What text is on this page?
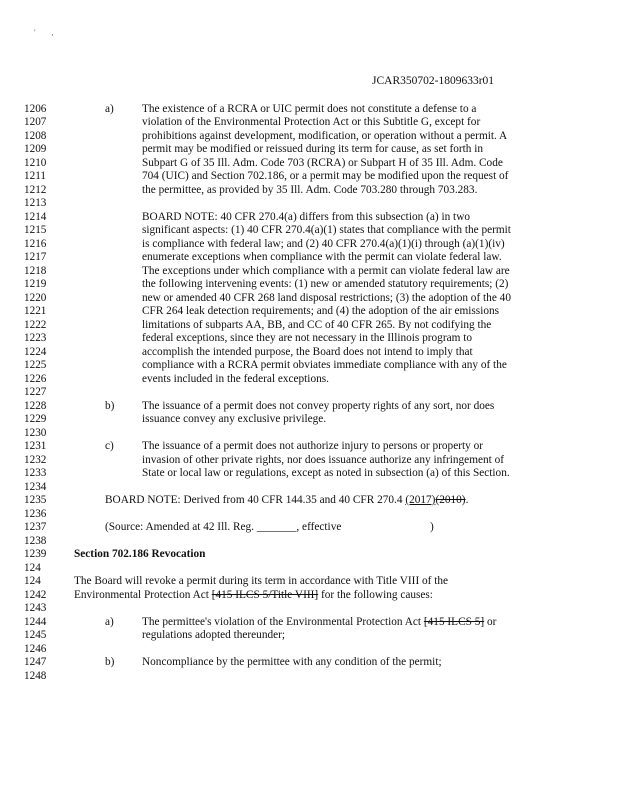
'        ,
JCAR350702-1809633r01
1206
1207
1208
1209
1210
1211
1212
1213
1214
1215
1216
1217
1218
1219
1220
1221
1222
1223
1224
1225
1226
1227
1228
1229
1230
1231
1232
1233
1234
1235
1236
1237
1238
1239
124
124
1242
1243
1244
1245
1246
1247
1248
a) The existence of a RCRA or UIC permit does not constitute a defense to a
violation of the Environmental Protection Act or this Subtitle G, except for
prohibitions against development, modification, or operation without a permit. A
permit may be modified or reissued during its term for cause, as set forth in
Subpart G of 35 Ill. Adm. Code 703 (RCRA) or Subpart H of 35 Ill. Adm. Code
704 (UIC) and Section 702.186, or a permit may be modified upon the request of
the permittee, as provided by 35 Ill. Adm. Code 703.280 through 703.283.
BOARD NOTE: 40 CFR 270.4(a) differs from this subsection (a) in two
significant aspects: (1) 40 CFR 270.4(a)(1) states that compliance with the permit
is compliance with federal law; and (2) 40 CFR 270.4(a)(1)(i) through (a)(1)(iv)
enumerate exceptions when compliance with the permit can violate federal law.
The exceptions under which compliance with a permit can violate federal law are
the following intervening events: (1) new or amended statutory requirements; (2)
new or amended 40 CFR 268 land disposal restrictions; (3) the adoption of the 40
CFR 264 leak detection requirements; and (4) the adoption of the air emissions
limitations of subparts AA, BB, and CC of 40 CFR 265. By not codifying the
federal exceptions, since they are not necessary in the Illinois program to
accomplish the intended purpose, the Board does not intend to imply that
compliance with a RCRA permit obviates immediate compliance with any of the
events included in the federal exceptions.
b) The issuance of a permit does not convey property rights of any sort, nor does
issuance convey any exclusive privilege.
c) The issuance of a permit does not authorize injury to persons or property or
invasion of other private rights, nor does issuance authorize any infringement of
State or local law or regulations, except as noted in subsection (a) of this Section.
BOARD NOTE: Derived from 40 CFR 144.35 and 40 CFR 270.4 (2017)(2010).
(Source: Amended at 42 Ill. Reg. _______, effective	)
Section 702.186 Revocation
The Board will revoke a permit during its term in accordance with Title VIII of the
Environmental Protection Act [415 ILCS 5/Title VIII] for the following causes:
a) The permittee's violation of the Environmental Protection Act [415 ILCS 5] or
regulations adopted thereunder;
b) Noncompliance by the permittee with any condition of the permit;
